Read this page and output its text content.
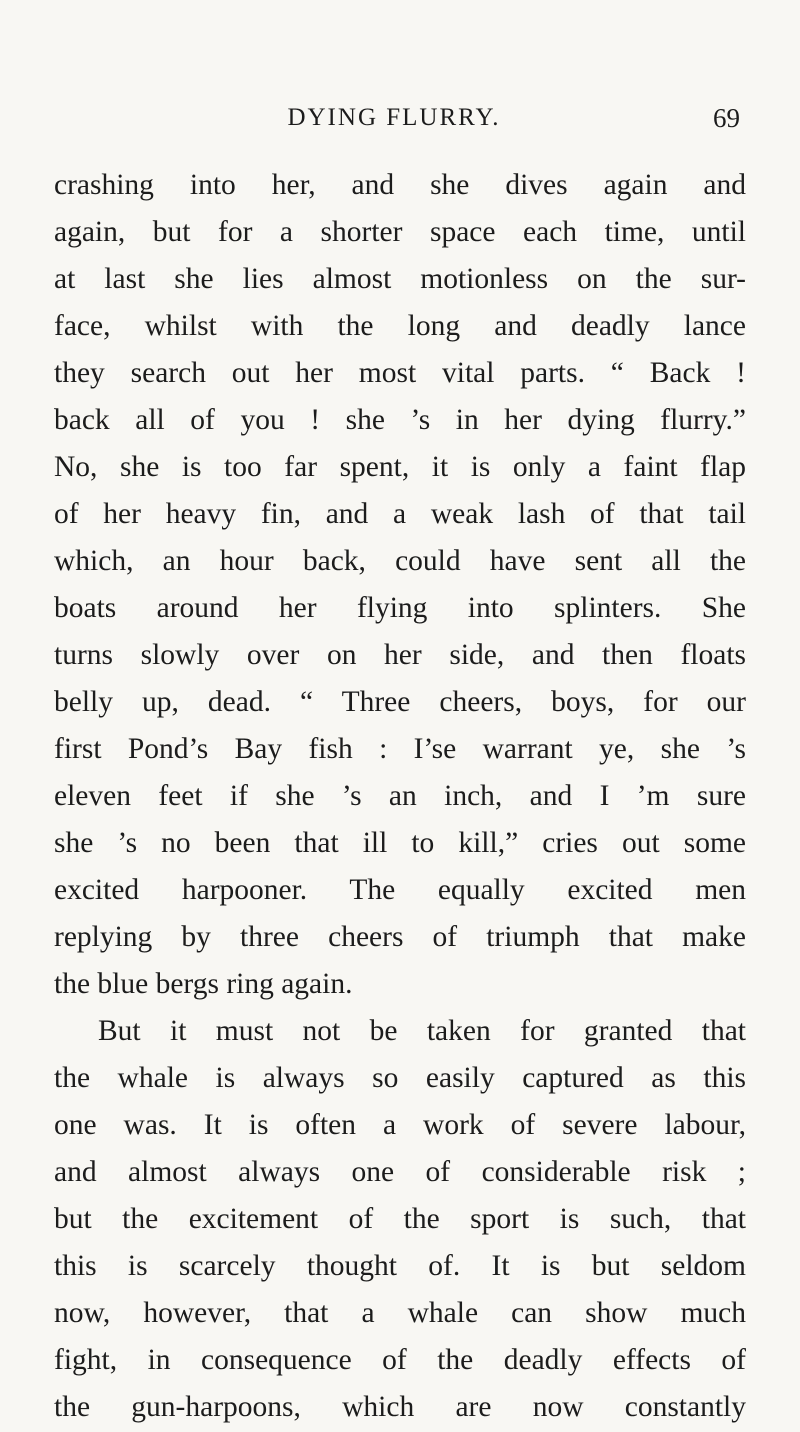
DYING FLURRY.	69
crashing into her, and she dives again and
again, but for a shorter space each time, until
at last she lies almost motionless on the sur-
face, whilst with the long and deadly lance
they search out her most vital parts. “ Back !
back all of you ! she ’s in her dying flurry.”
No, she is too far spent, it is only a faint flap
of her heavy fin, and a weak lash of that tail
which, an hour back, could have sent all the
boats around her flying into splinters. She
turns slowly over on her side, and then floats
belly up, dead. “ Three cheers, boys, for our
first Pond’s Bay fish : I’se warrant ye, she ’s
eleven feet if she ’s an inch, and I ’m sure
she ’s no been that ill to kill,” cries out some
excited harpooner. The equally excited men
replying by three cheers of triumph that make
the blue bergs ring again.
But it must not be taken for granted that
the whale is always so easily captured as this
one was. It is often a work of severe labour,
and almost always one of considerable risk ;
but the excitement of the sport is such, that
this is scarcely thought of. It is but seldom
now, however, that a whale can show much
fight, in consequence of the deadly effects of
the gun-harpoons, which are now constantly
